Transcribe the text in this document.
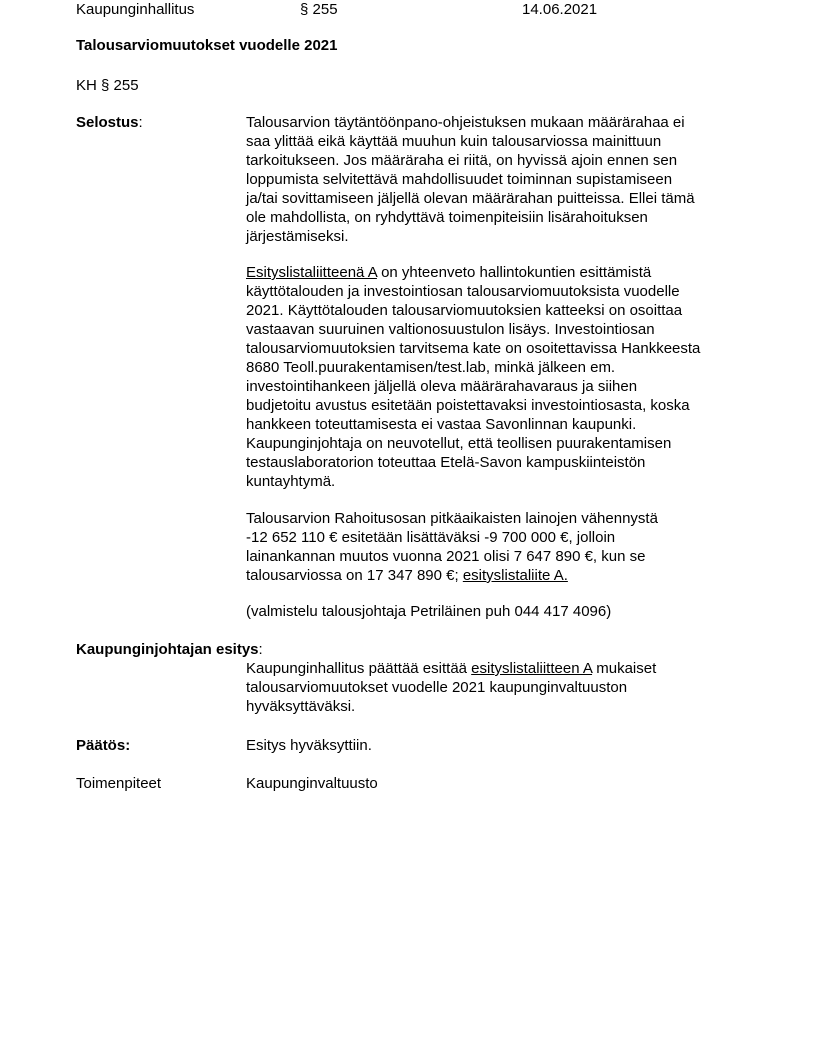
Kaupunginhallitus	§ 255	14.06.2021
Talousarviomuutokset vuodelle 2021
KH § 255
Selostus:	Talousarvion täytäntöönpano-ohjeistuksen mukaan määrärahaa ei
saa ylittää eikä käyttää muuhun kuin talousarviossa mainittuun
tarkoitukseen. Jos määräraha ei riitä, on hyvissä ajoin ennen sen
loppumista selvitettävä mahdollisuudet toiminnan supistamiseen
ja/tai sovittamiseen jäljellä olevan määrärahan puitteissa. Ellei tämä
ole mahdollista, on ryhdyttävä toimenpiteisiin lisärahoituksen
järjestämiseksi.
Esityslistaliitteenä A on yhteenveto hallintokuntien esittämistä
käyttötalouden ja investointiosan talousarviomuutoksista vuodelle
2021. Käyttötalouden talousarviomuutoksien katteeksi on osoittaa
vastaavan suuruinen valtionosuustulon lisäys. Investointiosan
talousarviomuutoksien tarvitsema kate on osoitettavissa Hankkeesta
8680 Teoll.puurakentamisen/test.lab, minkä jälkeen em.
investointihankeen jäljellä oleva määrärahavaraus ja siihen
budjetoitu avustus esitetään poistettavaksi investointiosasta, koska
hankkeen toteuttamisesta ei vastaa Savonlinnan kaupunki.
Kaupunginjohtaja on neuvotellut, että teollisen puurakentamisen
testauslaboratorion toteuttaa Etelä-Savon kampuskiinteistön
kuntayhtymä.
Talousarvion Rahoitusosan pitkäaikaisten lainojen vähennystä
-12 652 110 € esitetään lisättäväksi -9 700 000 €, jolloin
lainankannan muutos vuonna 2021 olisi 7 647 890 €, kun se
talousarviossa on 17 347 890 €; esityslistaliite A.
(valmistelu talousjohtaja Petriläinen puh 044 417 4096)
Kaupunginjohtajan esitys:
Kaupunginhallitus päättää esittää esityslistaliitteen A mukaiset
talousarviomuutokset vuodelle 2021 kaupunginvaltuuston
hyväksyttäväksi.
Päätös:	Esitys hyväksyttiin.
Toimenpiteet	Kaupunginvaltuusto
